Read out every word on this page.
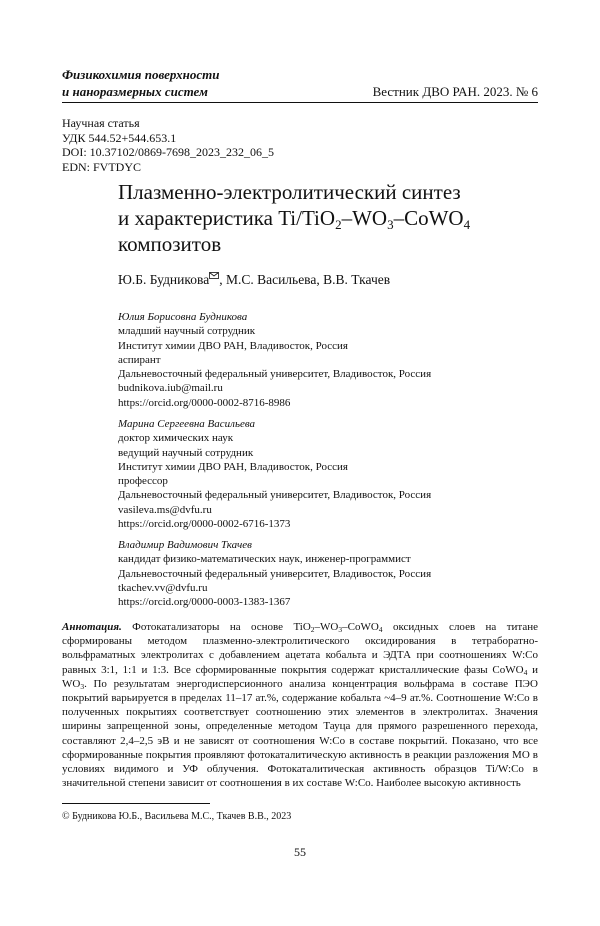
Физикохимия поверхности
и наноразмерных систем	Вестник ДВО РАН. 2023. № 6
Научная статья
УДК 544.52+544.653.1
DOI: 10.37102/0869-7698_2023_232_06_5
EDN: FVTDYC
Плазменно-электролитический синтез
и характеристика $Ti/TiO_2-WO_3-CoWO_4$
композитов
Ю.Б. Будникова , М.С. Васильева, В.В. Ткачев
Юлия Борисовна Будникова
младший научный сотрудник
Институт химии ДВО РАН, Владивосток, Россия
аспирант
Дальневосточный федеральный университет, Владивосток, Россия
budnikova.iub@mail.ru
https://orcid.org/0000-0002-8716-8986
Марина Сергеевна Васильева
доктор химических наук
ведущий научный сотрудник
Институт химии ДВО РАН, Владивосток, Россия
профессор
Дальневосточный федеральный университет, Владивосток, Россия
vasileva.ms@dvfu.ru
https://orcid.org/0000-0002-6716-1373
Владимир Вадимович Ткачев
кандидат физико-математических наук, инженер-программист
Дальневосточный федеральный университет, Владивосток, Россия
tkachev.vv@dvfu.ru
https://orcid.org/0000-0003-1383-1367
Аннотация. Фотокатализаторы на основе $TiO_2-WO_3-CoWO_4$ оксидных слоев на титане сформированы методом плазменно-электролитического оксидирования в тетраборатно-вольфраматных электролитах с добавлением ацетата кобальта и ЭДТА при соотношениях W:Co равных 3:1, 1:1 и 1:3. Все сформированные покрытия содержат кристаллические фазы CoWO$_4$ и $WO_3$. По результатам энергодисперсионного анализа концентрация вольфрама в составе ПЭО покрытий варьируется в пределах 11–17 ат.%, содержание кобальта ~4–9 ат.%. Соотношение W:Co в полученных покрытиях соответствует соотношению этих элементов в электролитах. Значения ширины запрещенной зоны, определенные методом Тауца для прямого разрешенного перехода, составляют 2,4–2,5 эВ и не зависят от соотношения W:Co в составе покрытий. Показано, что все сформированные покрытия проявляют фотокаталитическую активность в реакции разложения МО в условиях видимого и УФ облучения. Фотокаталитическая активность образцов Ti/W:Co в значительной степени зависит от соотношения в их составе W:Co. Наиболее высокую активность
© Будникова Ю.Б., Васильева М.С., Ткачев В.В., 2023
55
